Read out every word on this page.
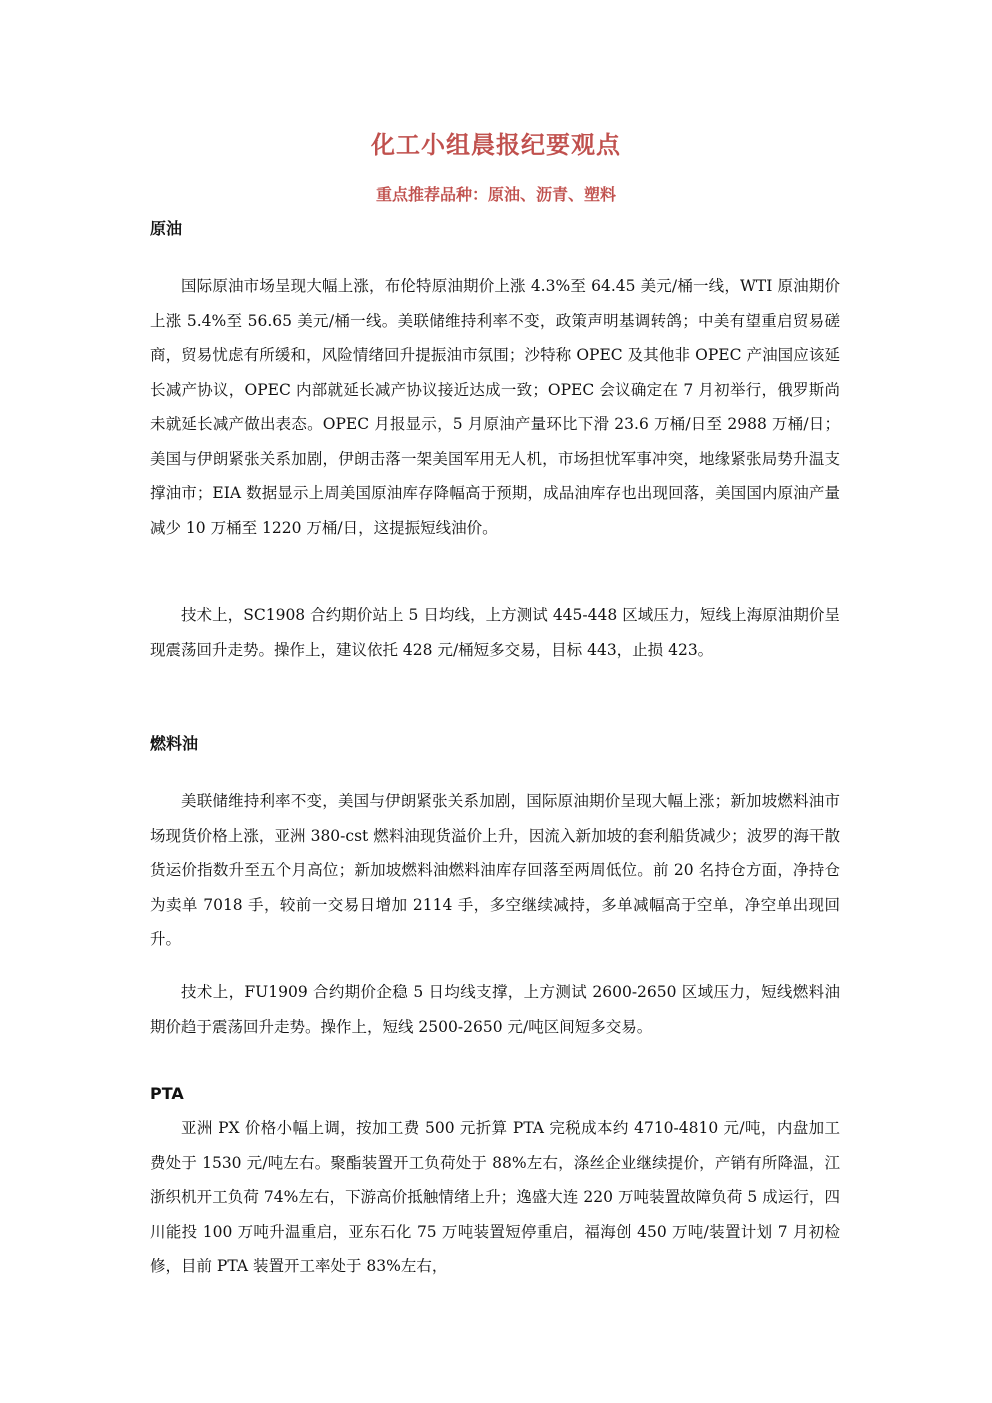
化工小组晨报纪要观点
重点推荐品种：原油、沥青、塑料
原油

国际原油市场呈现大幅上涨，布伦特原油期价上涨 4.3%至 64.45 美元/桶一线，WTI 原油期价上涨 5.4%至 56.65 美元/桶一线。美联储维持利率不变，政策声明基调转鸽；中美有望重启贸易磋商，贸易忧虑有所缓和，风险情绪回升提振油市氛围；沙特称 OPEC 及其他非 OPEC 产油国应该延长减产协议，OPEC 内部就延长减产协议接近达成一致；OPEC 会议确定在 7 月初举行，俄罗斯尚未就延长减产做出表态。OPEC 月报显示，5 月原油产量环比下滑 23.6 万桶/日至 2988 万桶/日；美国与伊朗紧张关系加剧，伊朗击落一架美国军用无人机，市场担忧军事冲突，地缘紧张局势升温支撑油市；EIA 数据显示上周美国原油库存降幅高于预期，成品油库存也出现回落，美国国内原油产量减少 10 万桶至 1220 万桶/日，这提振短线油价。

技术上，SC1908 合约期价站上 5 日均线，上方测试 445-448 区域压力，短线上海原油期价呈现震荡回升走势。操作上，建议依托 428 元/桶短多交易，目标 443，止损 423。

燃料油

美联储维持利率不变，美国与伊朗紧张关系加剧，国际原油期价呈现大幅上涨；新加坡燃料油市场现货价格上涨，亚洲 380-cst 燃料油现货溢价上升，因流入新加坡的套利船货减少；波罗的海干散货运价指数升至五个月高位；新加坡燃料油燃料油库存回落至两周低位。前 20 名持仓方面，净持仓为卖单 7018 手，较前一交易日增加 2114 手，多空继续减持，多单减幅高于空单，净空单出现回升。

技术上，FU1909 合约期价企稳 5 日均线支撑，上方测试 2600-2650 区域压力，短线燃料油期价趋于震荡回升走势。操作上，短线 2500-2650 元/吨区间短多交易。

PTA

亚洲 PX 价格小幅上调，按加工费 500 元折算 PTA 完税成本约 4710-4810 元/吨，内盘加工费处于 1530 元/吨左右。聚酯装置开工负荷处于 88%左右，涤丝企业继续提价，产销有所降温，江浙织机开工负荷 74%左右，下游高价抵触情绪上升；逸盛大连 220 万吨装置故障负荷 5 成运行，四川能投 100 万吨升温重启，亚东石化 75 万吨装置短停重启，福海创 450 万吨/装置计划 7 月初检修，目前 PTA 装置开工率处于 83%左右，
